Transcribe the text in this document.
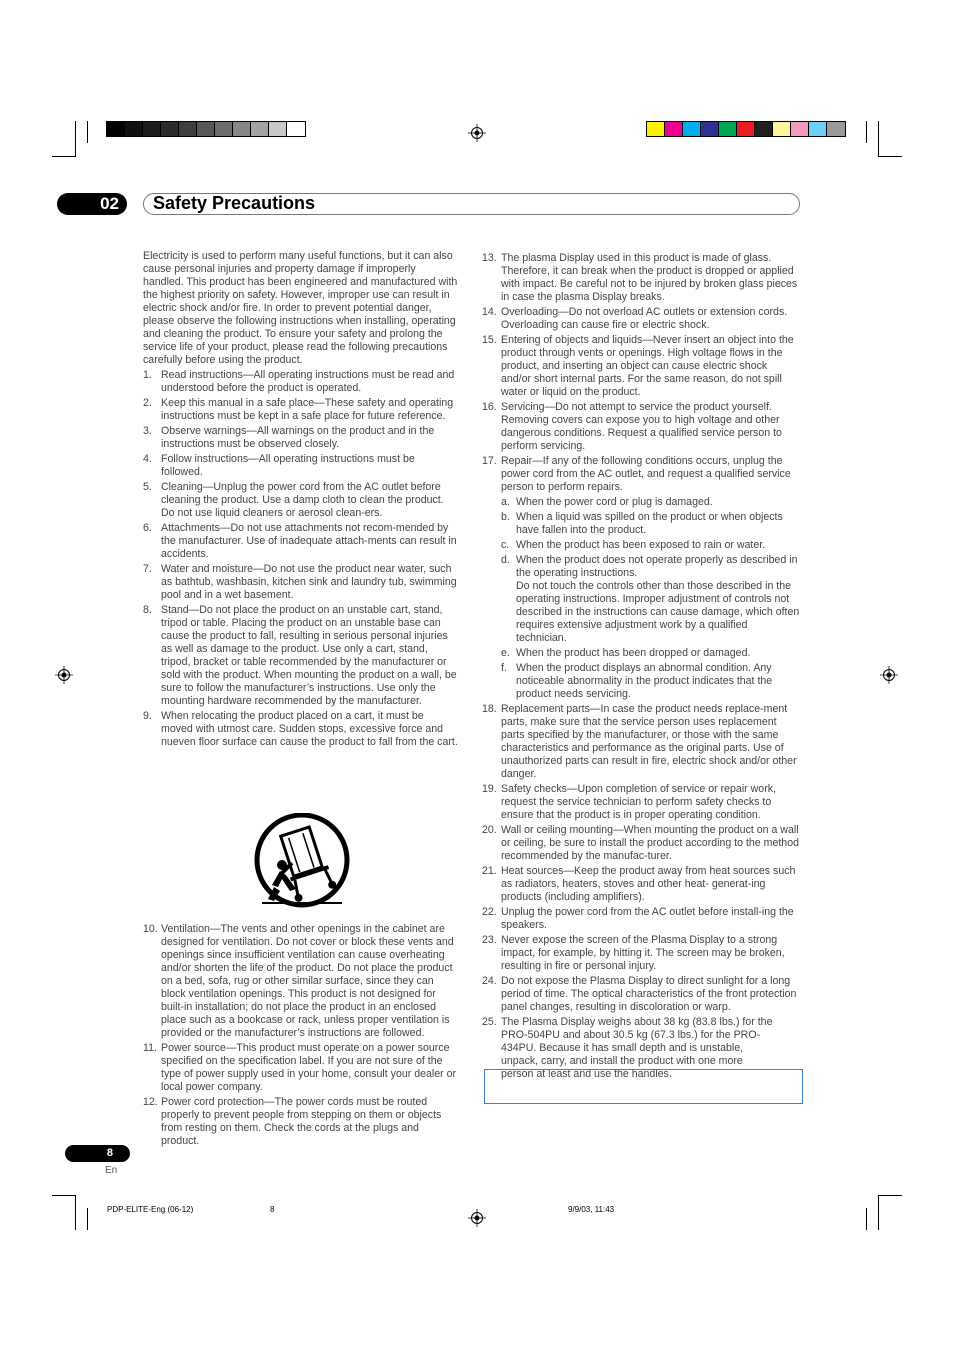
02	Safety Precautions

Electricity is used to perform many useful functions, but it can also cause personal injuries and property damage if improperly handled. This product has been engineered and manufactured with the highest priority on safety. However, improper use can result in electric shock and/or fire. In order to prevent potential danger, please observe the following instructions when installing, operating and cleaning the product. To ensure your safety and prolong the service life of your product, please read the following precautions carefully before using the product.

1. Read instructions—All operating instructions must be read and understood before the product is operated.
2. Keep this manual in a safe place—These safety and operating instructions must be kept in a safe place for future reference.
3. Observe warnings—All warnings on the product and in the instructions must be observed closely.
4. Follow instructions—All operating instructions must be followed.
5. Cleaning—Unplug the power cord from the AC outlet before cleaning the product. Use a damp cloth to clean the product. Do not use liquid cleaners or aerosol clean-ers.
6. Attachments—Do not use attachments not recom-mended by the manufacturer. Use of inadequate attach-ments can result in accidents.
7. Water and moisture—Do not use the product near water, such as bathtub, washbasin, kitchen sink and laundry tub, swimming pool and in a wet basement.
8. Stand—Do not place the product on an unstable cart, stand, tripod or table. Placing the product on an unstable base can cause the product to fall, resulting in serious personal injuries as well as damage to the product. Use only a cart, stand, tripod, bracket or table recommended by the manufacturer or sold with the product. When mounting the product on a wall, be sure to follow the manufacturer’s instructions. Use only the mounting hardware recommended by the manufacturer.
9. When relocating the product placed on a cart, it must be moved with utmost care. Sudden stops, excessive force and nueven floor surface can cause the product to fall from the cart.
10. Ventilation—The vents and other openings in the cabinet are designed for ventilation. Do not cover or block these vents and openings since insufficient ventilation can cause overheating and/or shorten the life of the product. Do not place the product on a bed, sofa, rug or other similar surface, since they can block ventilation openings. This product is not designed for built-in installation; do not place the product in an enclosed place such as a bookcase or rack, unless proper ventilation is provided or the manufacturer’s instructions are followed.
11. Power source—This product must operate on a power source specified on the specification label. If you are not sure of the type of power supply used in your home, consult your dealer or local power company.
12. Power cord protection—The power cords must be routed properly to prevent people from stepping on them or objects from resting on them. Check the cords at the plugs and product.
13. The plasma Display used in this product is made of glass. Therefore, it can break when the product is dropped or applied with impact. Be careful not to be injured by broken glass pieces in case the plasma Display breaks.
14. Overloading—Do not overload AC outlets or extension cords. Overloading can cause fire or electric shock.
15. Entering of objects and liquids—Never insert an object into the product through vents or openings. High voltage flows in the product, and inserting an object can cause electric shock and/or short internal parts. For the same reason, do not spill water or liquid on the product.
16. Servicing—Do not attempt to service the product yourself. Removing covers can expose you to high voltage and other dangerous conditions. Request a qualified service person to perform servicing.
17. Repair—If any of the following conditions occurs, unplug the power cord from the AC outlet, and request a qualified service person to perform repairs.
a. When the power cord or plug is damaged.
b. When a liquid was spilled on the product or when objects have fallen into the product.
c. When the product has been exposed to rain or water.
d. When the product does not operate properly as described in the operating instructions.

Do not touch the controls other than those described in the operating instructions. Improper adjustment of controls not described in the instructions can cause damage, which often requires extensive adjustment work by a qualified technician.

e. When the product has been dropped or damaged.
f. When the product displays an abnormal condition. Any noticeable abnormality in the product indicates that the product needs servicing.
18. Replacement parts—In case the product needs replace-ment parts, make sure that the service person uses replacement parts specified by the manufacturer, or those with the same characteristics and performance as the original parts. Use of unauthorized parts can result in fire, electric shock and/or other danger.
19. Safety checks—Upon completion of service or repair work, request the service technician to perform safety checks to ensure that the product is in proper operating condition.
20. Wall or ceiling mounting—When mounting the product on a wall or ceiling, be sure to install the product according to the method recommended by the manufac-turer.
21. Heat sources—Keep the product away from heat sources such as radiators, heaters, stoves and other heat- generat-ing products (including amplifiers).
22. Unplug the power cord from the AC outlet before install-ing the speakers.
23. Never expose the screen of the Plasma Display to a strong impact, for example, by hitting it. The screen may be broken, resulting in fire or personal injury.
24. Do not expose the Plasma Display to direct sunlight for a long period of time. The optical characteristics of the front protection panel changes, resulting in discoloration or warp.
25. The Plasma Display weighs about 38 kg (83.8 lbs.) for the
PRO-504PU and about 30.5 kg (67.3 lbs.) for the PRO-
434PU. Because it has small depth and is unstable,
unpack, carry, and install the product with one more
person at least and use the handles.
8
En
PDP-ELITE-Eng (06-12)	8	9/9/03, 11:43
